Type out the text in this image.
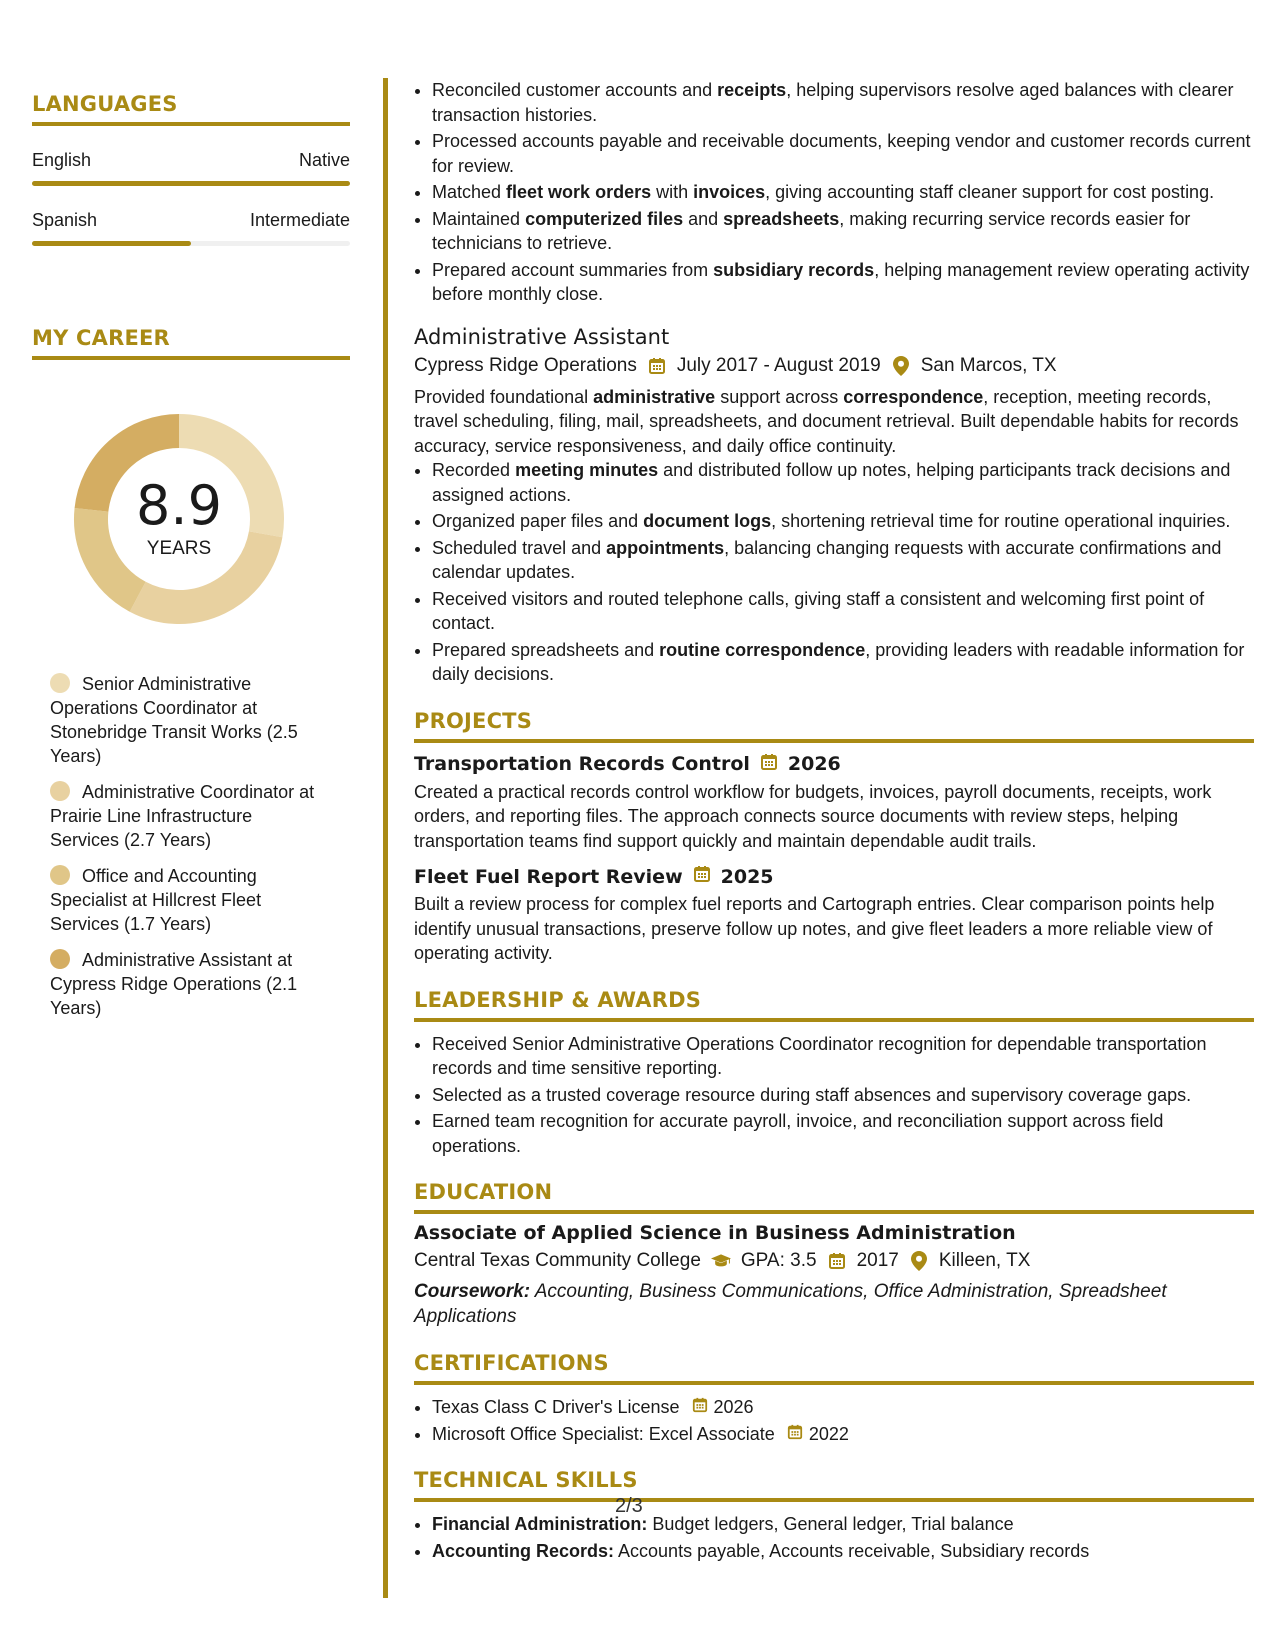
LANGUAGES
English	Native
Spanish	Intermediate
MY CAREER
8.9
YEARS
Senior Administrative Operations Coordinator at Stonebridge Transit Works (2.5 Years)
Administrative Coordinator at Prairie Line Infrastructure Services (2.7 Years)
Office and Accounting Specialist at Hillcrest Fleet Services (1.7 Years)
Administrative Assistant at Cypress Ridge Operations (2.1 Years)
• Reconciled customer accounts and receipts, helping supervisors resolve aged balances with clearer transaction histories.
• Processed accounts payable and receivable documents, keeping vendor and customer records current for review.
• Matched fleet work orders with invoices, giving accounting staff cleaner support for cost posting.
• Maintained computerized files and spreadsheets, making recurring service records easier for technicians to retrieve.
• Prepared account summaries from subsidiary records, helping management review operating activity before monthly close.
Administrative Assistant
Cypress Ridge Operations July 2017 - August 2019 San Marcos, TX
Provided foundational administrative support across correspondence, reception, meeting records, travel scheduling, filing, mail, spreadsheets, and document retrieval. Built dependable habits for records accuracy, service responsiveness, and daily office continuity.
• Recorded meeting minutes and distributed follow up notes, helping participants track decisions and assigned actions.
• Organized paper files and document logs, shortening retrieval time for routine operational inquiries.
• Scheduled travel and appointments, balancing changing requests with accurate confirmations and calendar updates.
• Received visitors and routed telephone calls, giving staff a consistent and welcoming first point of contact.
• Prepared spreadsheets and routine correspondence, providing leaders with readable information for daily decisions.
PROJECTS
Transportation Records Control 2026
Created a practical records control workflow for budgets, invoices, payroll documents, receipts, work orders, and reporting files. The approach connects source documents with review steps, helping transportation teams find support quickly and maintain dependable audit trails.
Fleet Fuel Report Review 2025
Built a review process for complex fuel reports and Cartograph entries. Clear comparison points help identify unusual transactions, preserve follow up notes, and give fleet leaders a more reliable view of operating activity.
LEADERSHIP & AWARDS
• Received Senior Administrative Operations Coordinator recognition for dependable transportation records and time sensitive reporting.
• Selected as a trusted coverage resource during staff absences and supervisory coverage gaps.
• Earned team recognition for accurate payroll, invoice, and reconciliation support across field operations.
EDUCATION
Associate of Applied Science in Business Administration
Central Texas Community College GPA: 3.5 2017 Killeen, TX
Coursework: Accounting, Business Communications, Office Administration, Spreadsheet Applications
CERTIFICATIONS
• Texas Class C Driver's License 2026
• Microsoft Office Specialist: Excel Associate 2022
TECHNICAL SKILLS
• Financial Administration: Budget ledgers, General ledger, Trial balance
• Accounting Records: Accounts payable, Accounts receivable, Subsidiary records
2/3
